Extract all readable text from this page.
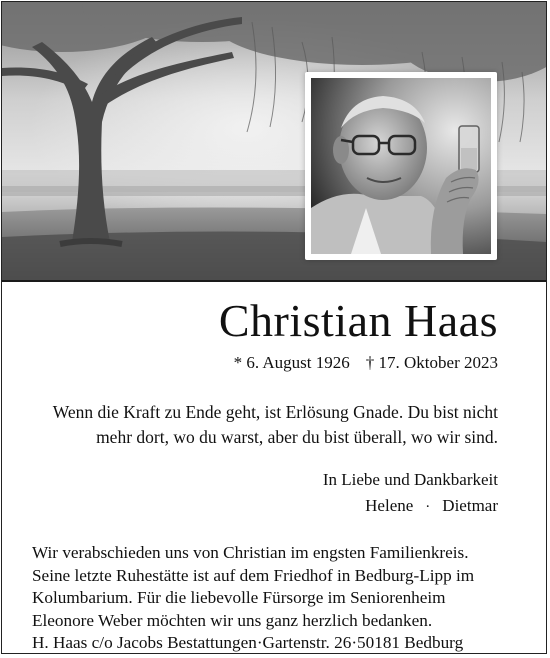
Christian Haas
* 6. August 1926 † 17. Oktober 2023
Wenn die Kraft zu Ende geht, ist Erlösung Gnade. Du bist nicht
mehr dort, wo du warst, aber du bist überall, wo wir sind.
In Liebe und Dankbarkeit
Helene · Dietmar
Wir verabschieden uns von Christian im engsten Familienkreis.
Seine letzte Ruhestätte ist auf dem Friedhof in Bedburg-Lipp im
Kolumbarium. Für die liebevolle Fürsorge im Seniorenheim
Eleonore Weber möchten wir uns ganz herzlich bedanken.
H. Haas c/o Jacobs Bestattungen·Gartenstr. 26·50181 Bedburg
